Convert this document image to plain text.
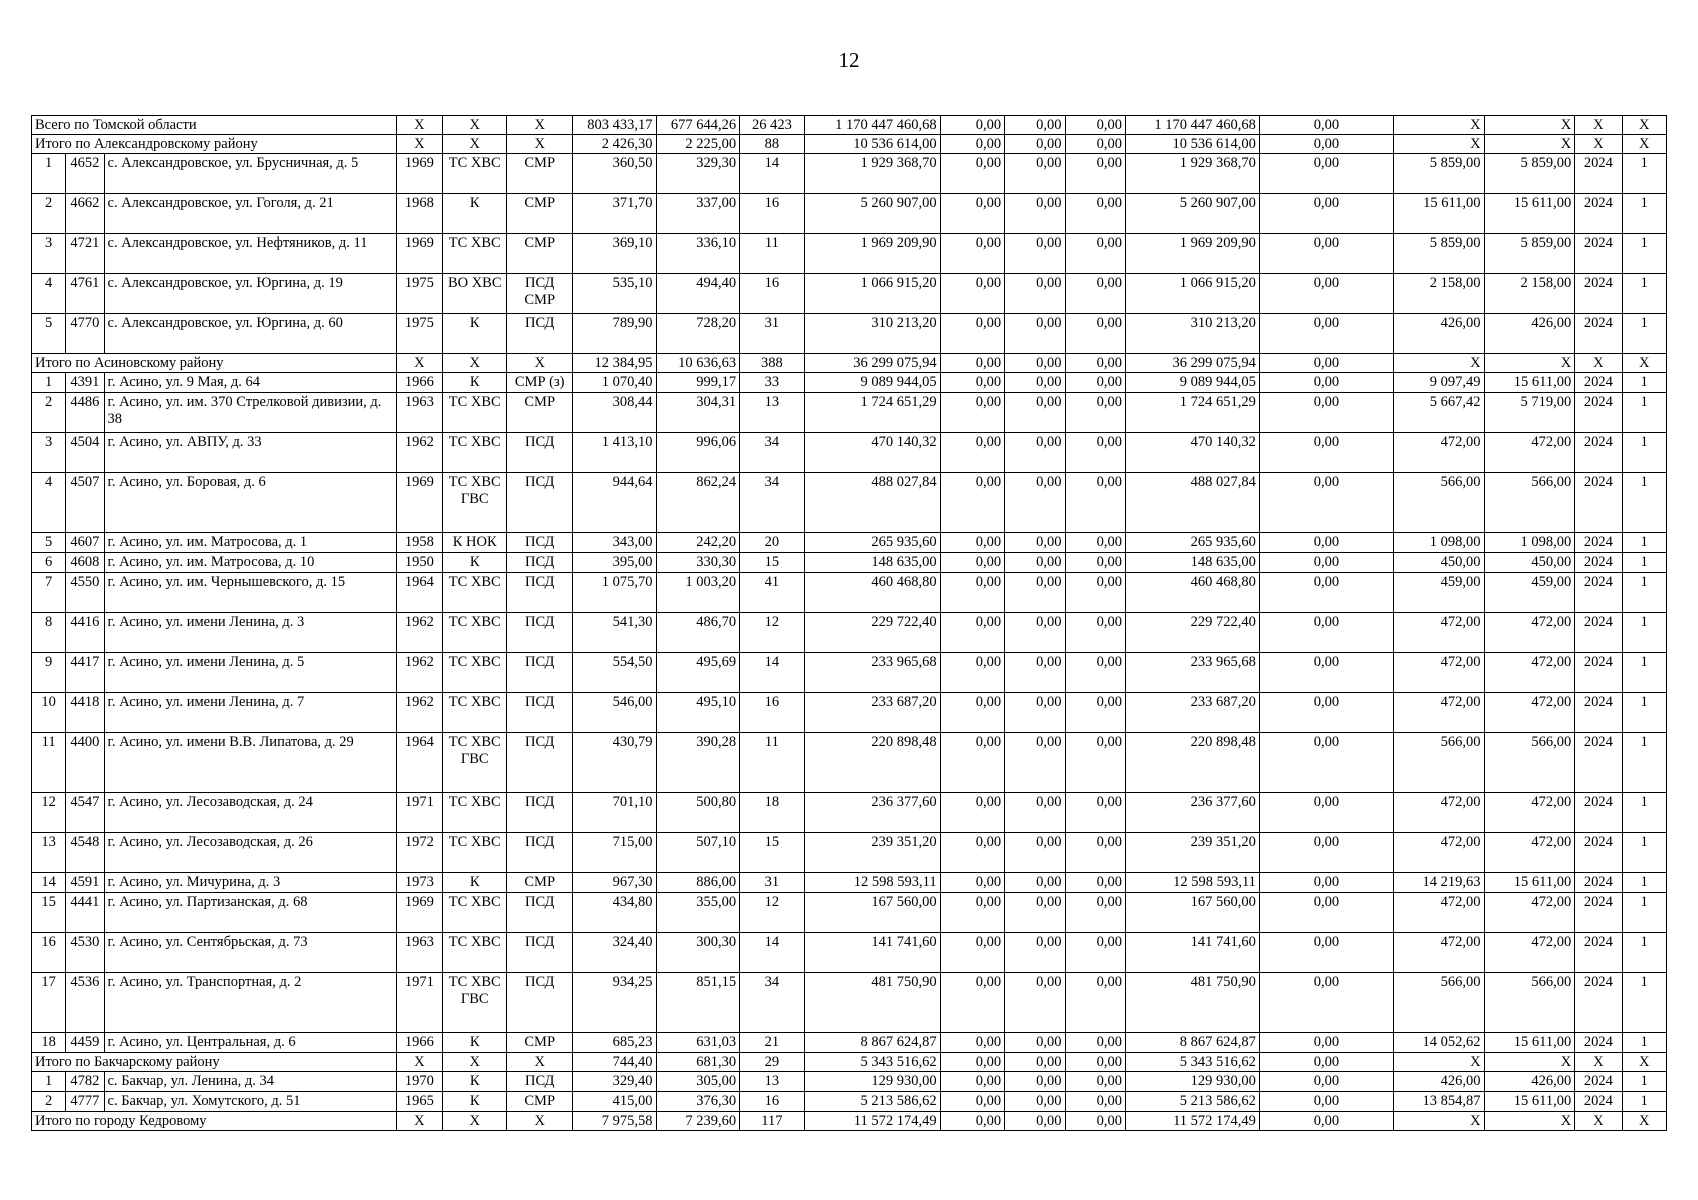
12
Всего по Томской области			Х	Х	Х	803 433,17	677 644,26	26 423	1 170 447 460,68	0,00	0,00	0,00	1 170 447 460,68	0,00	Х	Х	Х	Х
Итого по Александровскому району			Х	Х	Х	2 426,30	2 225,00	88	10 536 614,00	0,00	0,00	0,00	10 536 614,00	0,00	Х	Х	Х	Х
1	4652	с. Александровское, ул. Брусничная, д. 5	1969	ТС ХВС	СМР	360,50	329,30	14	1 929 368,70	0,00	0,00	0,00	1 929 368,70	0,00	5 859,00	5 859,00	2024	1
2	4662	с. Александровское, ул. Гоголя, д. 21	1968	К	СМР	371,70	337,00	16	5 260 907,00	0,00	0,00	0,00	5 260 907,00	0,00	15 611,00	15 611,00	2024	1
3	4721	с. Александровское, ул. Нефтяников, д. 11	1969	ТС ХВС	СМР	369,10	336,10	11	1 969 209,90	0,00	0,00	0,00	1 969 209,90	0,00	5 859,00	5 859,00	2024	1
4	4761	с. Александровское, ул. Юргина, д. 19	1975	ВО ХВС	ПСД СМР	535,10	494,40	16	1 066 915,20	0,00	0,00	0,00	1 066 915,20	0,00	2 158,00	2 158,00	2024	1
5	4770	с. Александровское, ул. Юргина, д. 60	1975	К	ПСД	789,90	728,20	31	310 213,20	0,00	0,00	0,00	310 213,20	0,00	426,00	426,00	2024	1
Итого по Асиновскому району			Х	Х	Х	12 384,95	10 636,63	388	36 299 075,94	0,00	0,00	0,00	36 299 075,94	0,00	Х	Х	Х	Х
1	4391	г. Асино, ул. 9 Мая, д. 64	1966	К	СМР (з)	1 070,40	999,17	33	9 089 944,05	0,00	0,00	0,00	9 089 944,05	0,00	9 097,49	15 611,00	2024	1
2	4486	г. Асино, ул. им. 370 Стрелковой дивизии, д. 38	1963	ТС ХВС	СМР	308,44	304,31	13	1 724 651,29	0,00	0,00	0,00	1 724 651,29	0,00	5 667,42	5 719,00	2024	1
3	4504	г. Асино, ул. АВПУ, д. 33	1962	ТС ХВС	ПСД	1 413,10	996,06	34	470 140,32	0,00	0,00	0,00	470 140,32	0,00	472,00	472,00	2024	1
4	4507	г. Асино, ул. Боровая, д. 6	1969	ТС ХВС ГВС	ПСД	944,64	862,24	34	488 027,84	0,00	0,00	0,00	488 027,84	0,00	566,00	566,00	2024	1
5	4607	г. Асино, ул. им. Матросова, д. 1	1958	К НОК	ПСД	343,00	242,20	20	265 935,60	0,00	0,00	0,00	265 935,60	0,00	1 098,00	1 098,00	2024	1
6	4608	г. Асино, ул. им. Матросова, д. 10	1950	К	ПСД	395,00	330,30	15	148 635,00	0,00	0,00	0,00	148 635,00	0,00	450,00	450,00	2024	1
7	4550	г. Асино, ул. им. Чернышевского, д. 15	1964	ТС ХВС	ПСД	1 075,70	1 003,20	41	460 468,80	0,00	0,00	0,00	460 468,80	0,00	459,00	459,00	2024	1
8	4416	г. Асино, ул. имени Ленина, д. 3	1962	ТС ХВС	ПСД	541,30	486,70	12	229 722,40	0,00	0,00	0,00	229 722,40	0,00	472,00	472,00	2024	1
9	4417	г. Асино, ул. имени Ленина, д. 5	1962	ТС ХВС	ПСД	554,50	495,69	14	233 965,68	0,00	0,00	0,00	233 965,68	0,00	472,00	472,00	2024	1
10	4418	г. Асино, ул. имени Ленина, д. 7	1962	ТС ХВС	ПСД	546,00	495,10	16	233 687,20	0,00	0,00	0,00	233 687,20	0,00	472,00	472,00	2024	1
11	4400	г. Асино, ул. имени В.В. Липатова, д. 29	1964	ТС ХВС ГВС	ПСД	430,79	390,28	11	220 898,48	0,00	0,00	0,00	220 898,48	0,00	566,00	566,00	2024	1
12	4547	г. Асино, ул. Лесозаводская, д. 24	1971	ТС ХВС	ПСД	701,10	500,80	18	236 377,60	0,00	0,00	0,00	236 377,60	0,00	472,00	472,00	2024	1
13	4548	г. Асино, ул. Лесозаводская, д. 26	1972	ТС ХВС	ПСД	715,00	507,10	15	239 351,20	0,00	0,00	0,00	239 351,20	0,00	472,00	472,00	2024	1
14	4591	г. Асино, ул. Мичурина, д. 3	1973	К	СМР	967,30	886,00	31	12 598 593,11	0,00	0,00	0,00	12 598 593,11	0,00	14 219,63	15 611,00	2024	1
15	4441	г. Асино, ул. Партизанская, д. 68	1969	ТС ХВС	ПСД	434,80	355,00	12	167 560,00	0,00	0,00	0,00	167 560,00	0,00	472,00	472,00	2024	1
16	4530	г. Асино, ул. Сентябрьская, д. 73	1963	ТС ХВС	ПСД	324,40	300,30	14	141 741,60	0,00	0,00	0,00	141 741,60	0,00	472,00	472,00	2024	1
17	4536	г. Асино, ул. Транспортная, д. 2	1971	ТС ХВС ГВС	ПСД	934,25	851,15	34	481 750,90	0,00	0,00	0,00	481 750,90	0,00	566,00	566,00	2024	1
18	4459	г. Асино, ул. Центральная, д. 6	1966	К	СМР	685,23	631,03	21	8 867 624,87	0,00	0,00	0,00	8 867 624,87	0,00	14 052,62	15 611,00	2024	1
Итого по Бакчарскому району			Х	Х	Х	744,40	681,30	29	5 343 516,62	0,00	0,00	0,00	5 343 516,62	0,00	Х	Х	Х	Х
1	4782	с. Бакчар, ул. Ленина, д. 34	1970	К	ПСД	329,40	305,00	13	129 930,00	0,00	0,00	0,00	129 930,00	0,00	426,00	426,00	2024	1
2	4777	с. Бакчар, ул. Хомутского, д. 51	1965	К	СМР	415,00	376,30	16	5 213 586,62	0,00	0,00	0,00	5 213 586,62	0,00	13 854,87	15 611,00	2024	1
Итого по городу Кедровому			Х	Х	Х	7 975,58	7 239,60	117	11 572 174,49	0,00	0,00	0,00	11 572 174,49	0,00	Х	Х	Х	Х
